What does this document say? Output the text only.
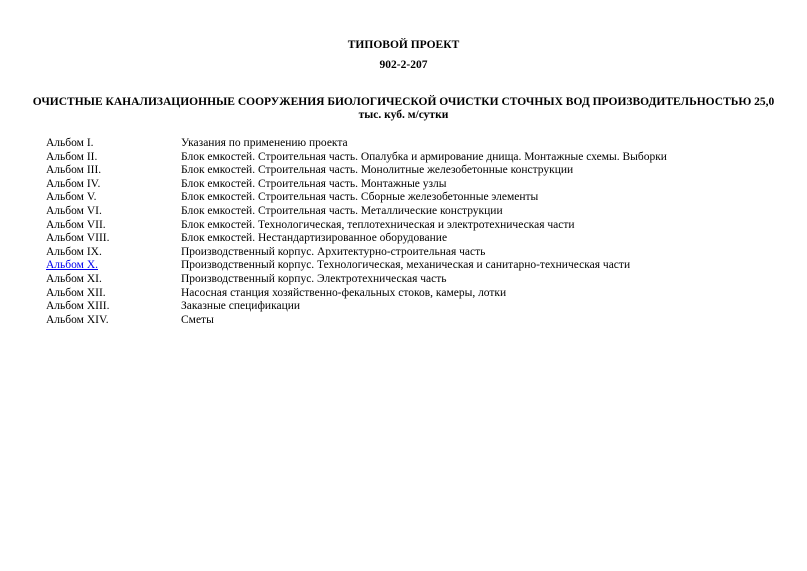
ТИПОВОЙ ПРОЕКТ
902-2-207
ОЧИСТНЫЕ КАНАЛИЗАЦИОННЫЕ СООРУЖЕНИЯ БИОЛОГИЧЕСКОЙ ОЧИСТКИ СТОЧНЫХ ВОД ПРОИЗВОДИТЕЛЬНОСТЬЮ 25,0 тыс. куб. м/сутки
Альбом I.	Указания по применению проекта
Альбом II.	Блок емкостей. Строительная часть. Опалубка и армирование днища. Монтажные схемы. Выборки
Альбом III.	Блок емкостей. Строительная часть. Монолитные железобетонные конструкции
Альбом IV.	Блок емкостей. Строительная часть. Монтажные узлы
Альбом V.	Блок емкостей. Строительная часть. Сборные железобетонные элементы
Альбом VI.	Блок емкостей. Строительная часть. Металлические конструкции
Альбом VII.	Блок емкостей. Технологическая, теплотехническая и электротехническая части
Альбом VIII.	Блок емкостей. Нестандартизированное оборудование
Альбом IX.	Производственный корпус. Архитектурно-строительная часть
Альбом X.	Производственный корпус. Технологическая, механическая и санитарно-техническая части
Альбом XI.	Производственный корпус. Электротехническая часть
Альбом XII.	Насосная станция хозяйственно-фекальных стоков, камеры, лотки
Альбом XIII.	Заказные спецификации
Альбом XIV.	Сметы
